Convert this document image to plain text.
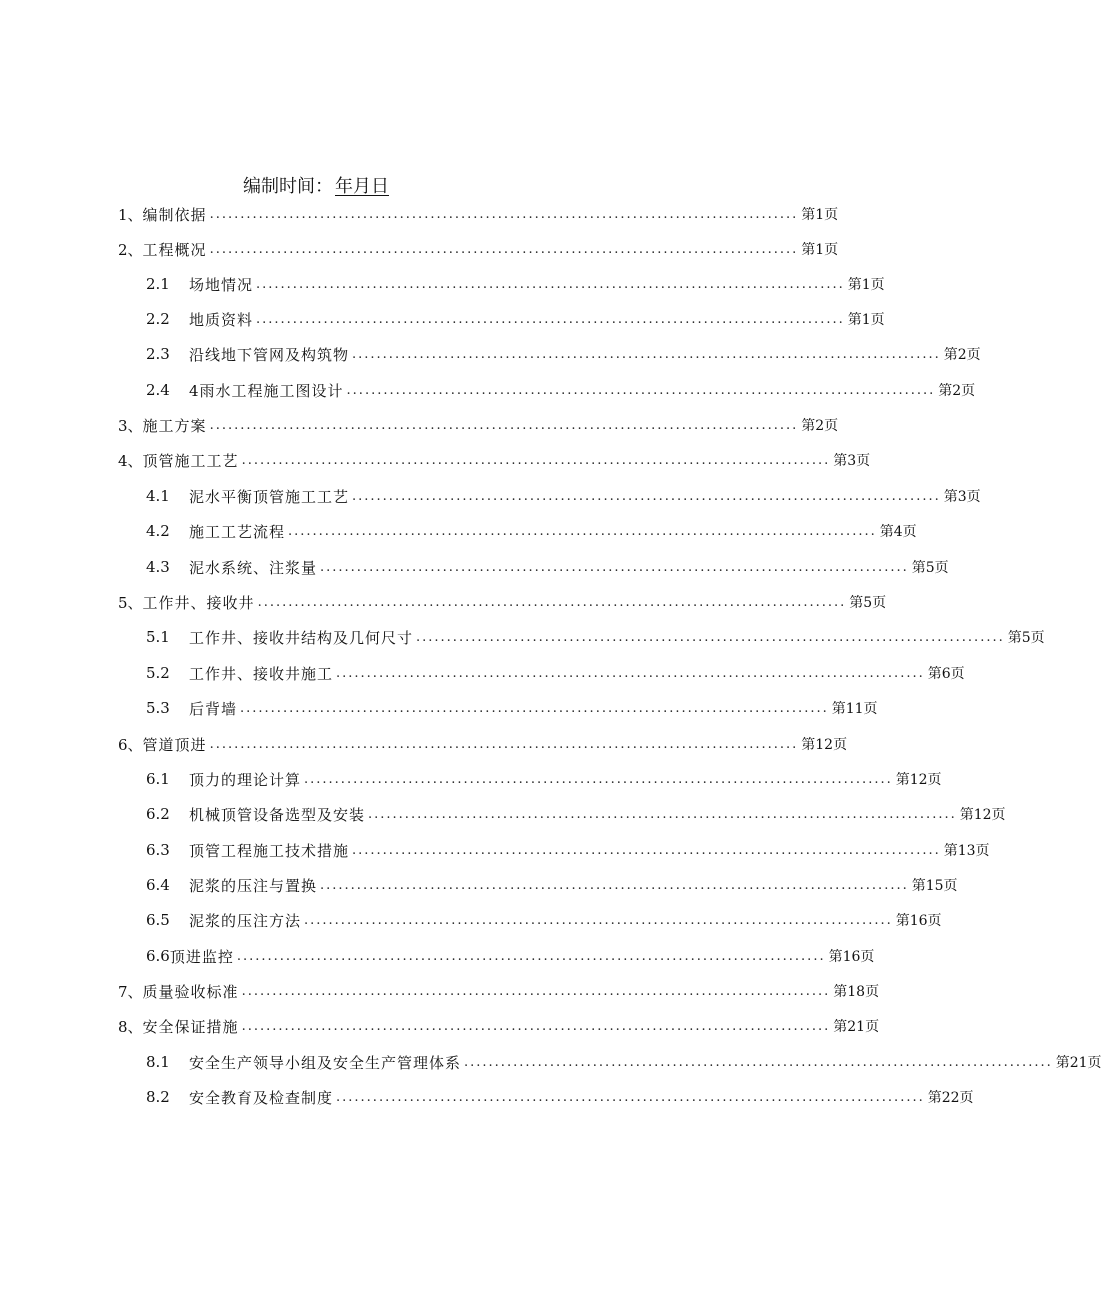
编制时间： 年月日
1、 编制依据 ................................................................................................ 第1页
2、 工程概况 ................................................................................................ 第1页
2.1	场地情况 ................................................................................................ 第1页
2.2	地质资料 ................................................................................................ 第1页
2.3	沿线地下管网及构筑物 ................................................................................................ 第2页
2.4	4雨水工程施工图设计 ................................................................................................ 第2页
3、 施工方案 ................................................................................................ 第2页
4、 顶管施工工艺 ................................................................................................ 第3页
4.1	泥水平衡顶管施工工艺 ................................................................................................ 第3页
4.2	施工工艺流程 ................................................................................................ 第4页
4.3	泥水系统、注浆量 ................................................................................................ 第5页
5、 工作井、接收井 ................................................................................................ 第5页
5.1	工作井、接收井结构及几何尺寸 ................................................................................................ 第5页
5.2	工作井、接收井施工 ................................................................................................ 第6页
5.3	后背墙 ................................................................................................ 第11页
6、 管道顶进 ................................................................................................ 第12页
6.1	顶力的理论计算 ................................................................................................ 第12页
6.2	机械顶管设备选型及安装 ................................................................................................ 第12页
6.3	顶管工程施工技术措施 ................................................................................................ 第13页
6.4	泥浆的压注与置换 ................................................................................................ 第15页
6.5	泥浆的压注方法 ................................................................................................ 第16页
6.6 顶进监控 ................................................................................................ 第16页
7、 质量验收标准 ................................................................................................ 第18页
8、 安全保证措施 ................................................................................................ 第21页
8.1	安全生产领导小组及安全生产管理体系 ................................................................................................ 第21页
8.2	安全教育及检查制度 ................................................................................................ 第22页
